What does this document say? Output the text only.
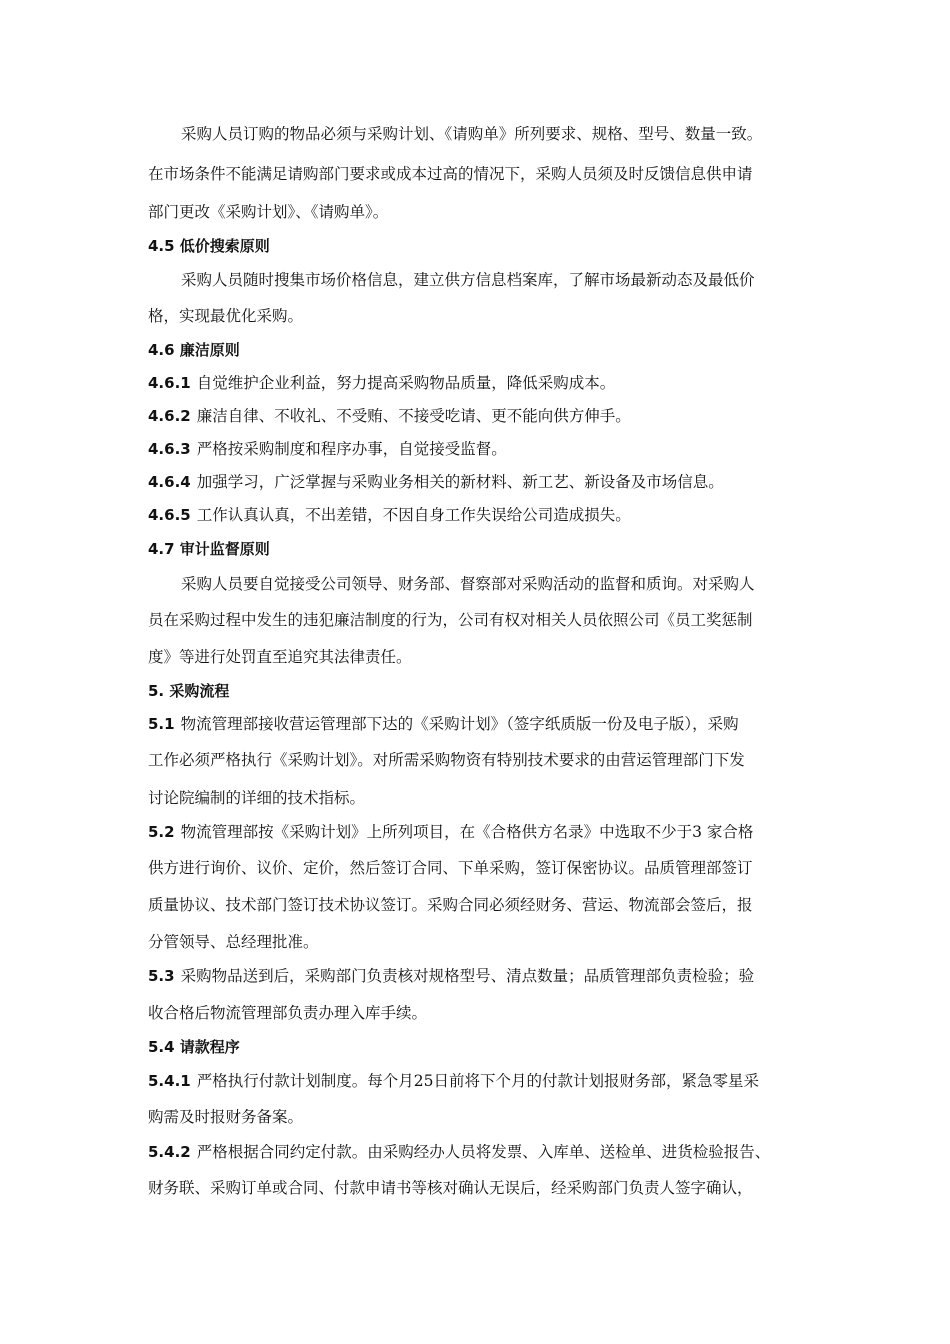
采购人员订购的物品必须与采购计划、《请购单》所列要求、规格、型号、数量一致。
在市场条件不能满足请购部门要求或成本过高的情况下，采购人员须及时反馈信息供申请
部门更改《采购计划》、《请购单》。
4.5 低价搜索原则
采购人员随时搜集市场价格信息，建立供方信息档案库，了解市场最新动态及最低价
格，实现最优化采购。
4.6 廉洁原则
4.6.1 自觉维护企业利益，努力提高采购物品质量，降低采购成本。
4.6.2 廉洁自律、不收礼、不受贿、不接受吃请、更不能向供方伸手。
4.6.3 严格按采购制度和程序办事，自觉接受监督。
4.6.4 加强学习，广泛掌握与采购业务相关的新材料、新工艺、新设备及市场信息。
4.6.5 工作认真认真，不出差错，不因自身工作失误给公司造成损失。
4.7 审计监督原则
采购人员要自觉接受公司领导、财务部、督察部对采购活动的监督和质询。对采购人
员在采购过程中发生的违犯廉洁制度的行为，公司有权对相关人员依照公司《员工奖惩制
度》等进行处罚直至追究其法律责任。
5. 采购流程
5.1 物流管理部接收营运管理部下达的《采购计划》（签字纸质版一份及电子版），采购
工作必须严格执行《采购计划》。对所需采购物资有特别技术要求的由营运管理部门下发
讨论院编制的详细的技术指标。
5.2 物流管理部按《采购计划》上所列项目，在《合格供方名录》中选取不少于3 家合格
供方进行询价、议价、定价，然后签订合同、下单采购，签订保密协议。品质管理部签订
质量协议、技术部门签订技术协议签订。采购合同必须经财务、营运、物流部会签后，报
分管领导、总经理批准。
5.3 采购物品送到后，采购部门负责核对规格型号、清点数量；品质管理部负责检验；验
收合格后物流管理部负责办理入库手续。
5.4 请款程序
5.4.1 严格执行付款计划制度。每个月25日前将下个月的付款计划报财务部，紧急零星采
购需及时报财务备案。
5.4.2 严格根据合同约定付款。由采购经办人员将发票、入库单、送检单、进货检验报告、
财务联、采购订单或合同、付款申请书等核对确认无误后，经采购部门负责人签字确认，
